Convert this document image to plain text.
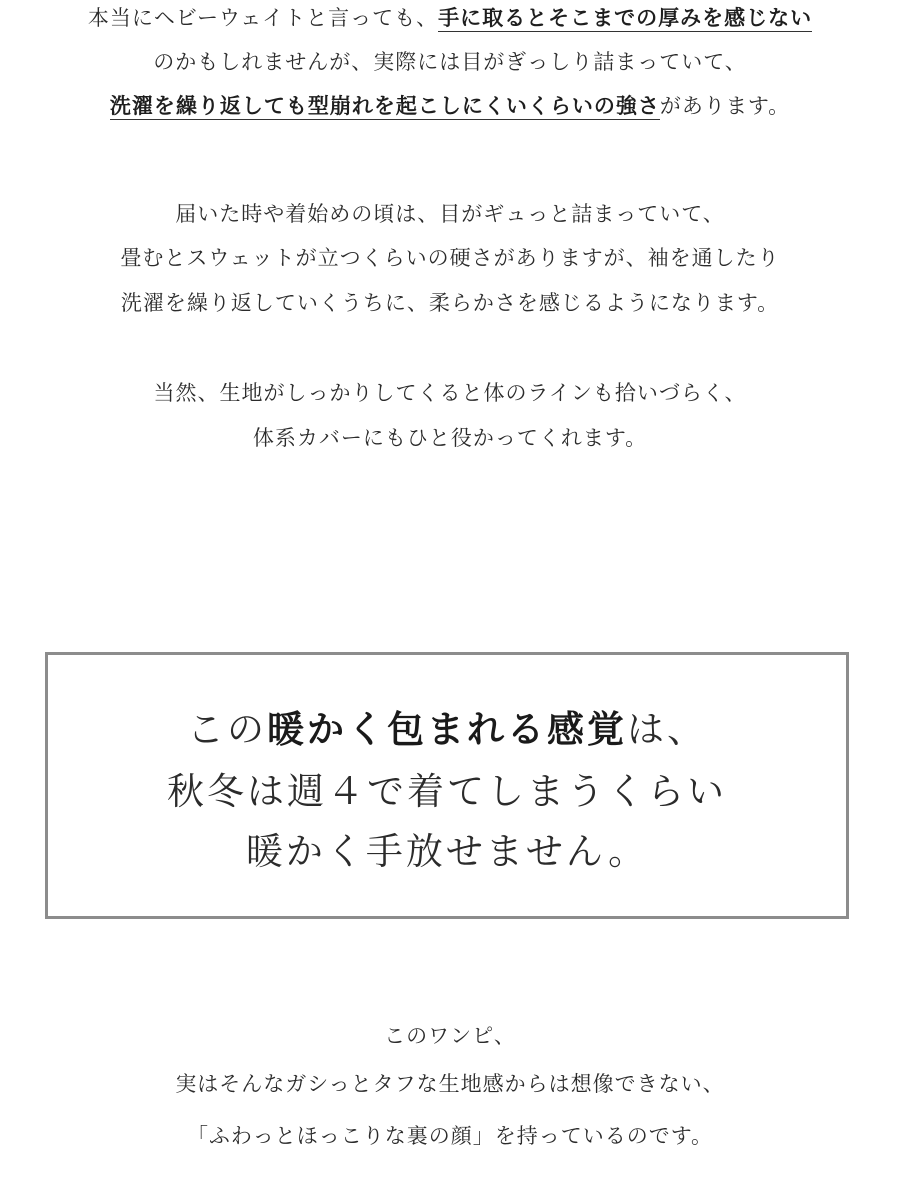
本当にヘビーウェイトと言っても、手に取るとそこまでの厚みを感じない
のかもしれませんが、実際には目がぎっしり詰まっていて、
洗濯を繰り返しても型崩れを起こしにくいくらいの強さがあります。
届いた時や着始めの頃は、目がギュっと詰まっていて、
畳むとスウェットが立つくらいの硬さがありますが、袖を通したり
洗濯を繰り返していくうちに、柔らかさを感じるようになります。
当然、生地がしっかりしてくると体のラインも拾いづらく、
体系カバーにもひと役かってくれます。
この暖かく包まれる感覚は、
秋冬は週４で着てしまうくらい
暖かく手放せません。
このワンピ、
実はそんなガシっとタフな生地感からは想像できない、
「ふわっとほっこりな裏の顔」を持っているのです。
